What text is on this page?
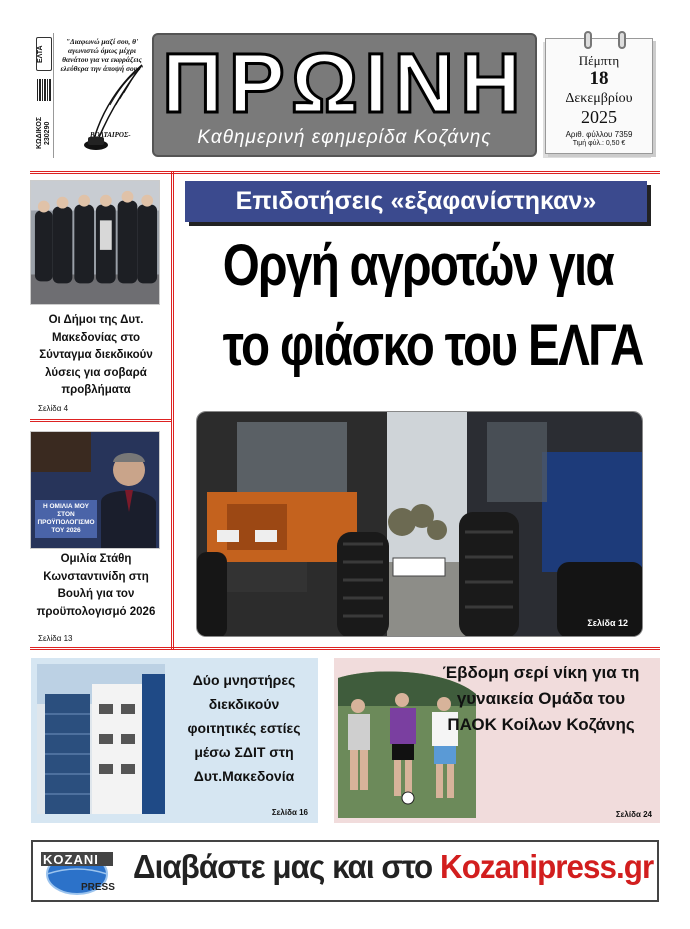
ΕΛΤΑ
ΚΩΔΙΚΟΣ 230290
"Διαφωνώ μαζί σου, θ' αγωνιστώ όμως μέχρι θανάτου για να εκφράζεις ελεύθερα την άποψή σου."
ΒΟΛΤΑΙΡΟΣ-
ΠΡΩΙΝΗ
Καθημερινή εφημερίδα Κοζάνης
Πέμπτη
18
Δεκεμβρίου
2025
Αριθ. φύλλου 7359
Τιμή φύλ.: 0,50 €
Οι Δήμοι της Δυτ. Μακεδονίας στο Σύνταγμα διεκδικούν λύσεις για σοβαρά προβλήματα
Σελίδα 4
Η ΟΜΙΛΙΑ ΜΟΥ ΣΤΟΝ ΠΡΟΫΠΟΛΟΓΙΣΜΟ ΤΟΥ 2026
Ομιλία Στάθη Κωνσταντινίδη στη Βουλή για τον προϋπολογισμό 2026
Σελίδα 13
Επιδοτήσεις «εξαφανίστηκαν»
Οργή αγροτών για
το φιάσκο του ΕΛΓΑ
Σελίδα 12
Δύο μνηστήρες διεκδικούν φοιτητικές εστίες μέσω ΣΔΙΤ στη Δυτ.Μακεδονία
Σελίδα 16
Έβδομη σερί νίκη για τη γυναικεία Ομάδα του ΠΑΟΚ Κοίλων Κοζάνης
Σελίδα 24
KOZANI
PRESS
Διαβάστε μας και στο Kozanipress.gr
